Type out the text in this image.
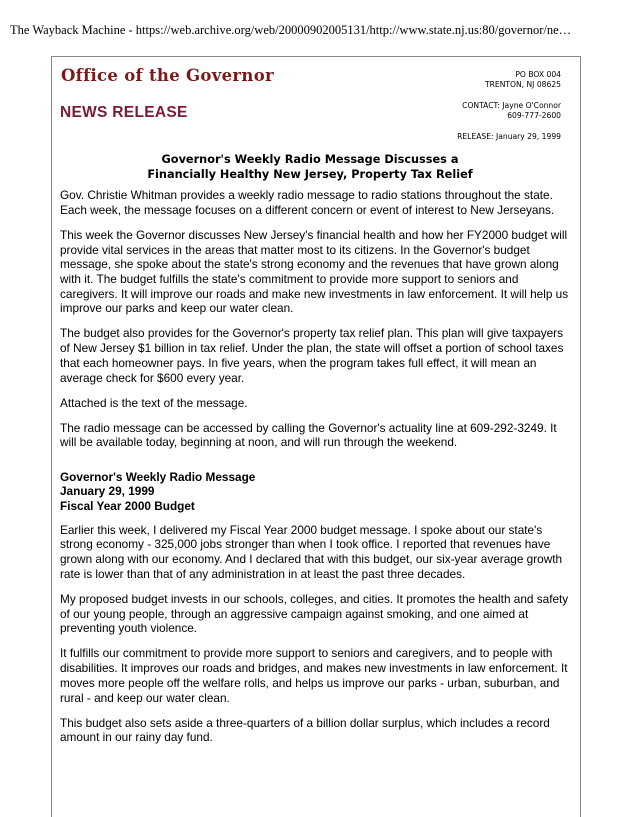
The Wayback Machine - https://web.archive.org/web/20000902005131/http://www.state.nj.us:80/governor/ne…
Office of the Governor
NEWS RELEASE
PO BOX 004
TRENTON, NJ 08625
CONTACT: Jayne O'Connor
609-777-2600
RELEASE: January 29, 1999
Governor's Weekly Radio Message Discusses a
Financially Healthy New Jersey, Property Tax Relief

Gov. Christie Whitman provides a weekly radio message to radio stations throughout the state. Each week, the message focuses on a different concern or event of interest to New Jerseyans.

This week the Governor discusses New Jersey's financial health and how her FY2000 budget will provide vital services in the areas that matter most to its citizens. In the Governor's budget message, she spoke about the state's strong economy and the revenues that have grown along with it. The budget fulfills the state's commitment to provide more support to seniors and caregivers. It will improve our roads and make new investments in law enforcement. It will help us improve our parks and keep our water clean.

The budget also provides for the Governor's property tax relief plan. This plan will give taxpayers of New Jersey $1 billion in tax relief. Under the plan, the state will offset a portion of school taxes that each homeowner pays. In five years, when the program takes full effect, it will mean an average check for $600 every year.

Attached is the text of the message.

The radio message can be accessed by calling the Governor's actuality line at 609-292-3249. It will be available today, beginning at noon, and will run through the weekend.

Governor's Weekly Radio Message
January 29, 1999
Fiscal Year 2000 Budget

Earlier this week, I delivered my Fiscal Year 2000 budget message. I spoke about our state's strong economy - 325,000 jobs stronger than when I took office. I reported that revenues have grown along with our economy. And I declared that with this budget, our six-year average growth rate is lower than that of any administration in at least the past three decades.

My proposed budget invests in our schools, colleges, and cities. It promotes the health and safety of our young people, through an aggressive campaign against smoking, and one aimed at preventing youth violence.

It fulfills our commitment to provide more support to seniors and caregivers, and to people with disabilities. It improves our roads and bridges, and makes new investments in law enforcement. It moves more people off the welfare rolls, and helps us improve our parks - urban, suburban, and rural - and keep our water clean.

This budget also sets aside a three-quarters of a billion dollar surplus, which includes a record amount in our rainy day fund.
